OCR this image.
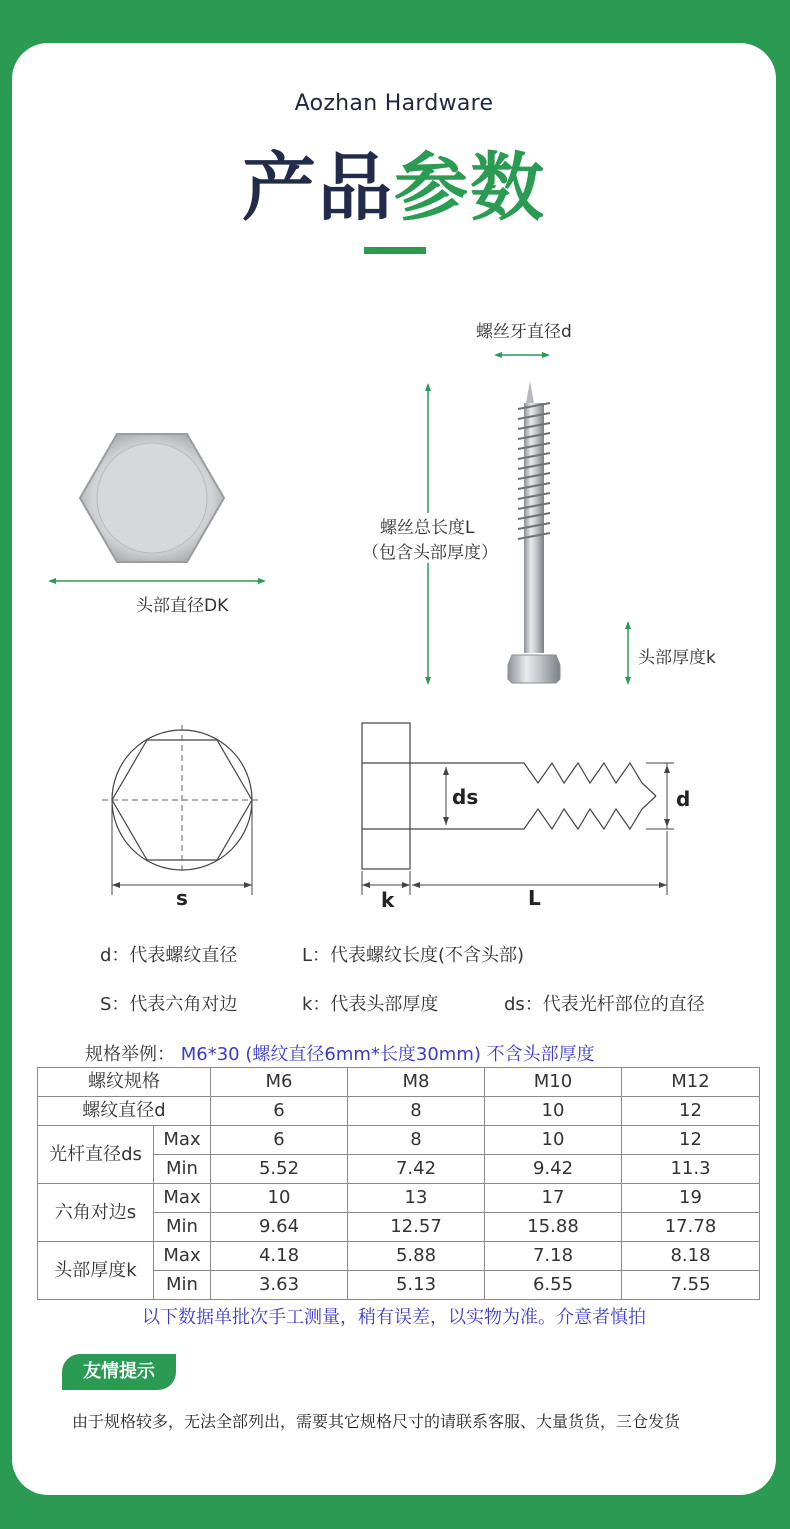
Aozhan Hardware
产品参数
螺丝牙直径d
头部直径DK
螺丝总长度L
（包含头部厚度）
头部厚度k
ds	d
s	k	L
d：代表螺纹直径	L：代表螺纹长度(不含头部)
S：代表六角对边	k：代表头部厚度	ds：代表光杆部位的直径
规格举例： M6*30 (螺纹直径6mm*长度30mm) 不含头部厚度
螺纹规格		M6	M8	M10	M12
螺纹直径d		6	8	10	12
光杆直径ds	Max	6	8	10	12
	Min	5.52	7.42	9.42	11.3
六角对边s	Max	10	13	17	19
	Min	9.64	12.57	15.88	17.78
头部厚度k	Max	4.18	5.88	7.18	8.18
	Min	3.63	5.13	6.55	7.55
以下数据单批次手工测量，稍有误差，以实物为准。介意者慎拍
友情提示
由于规格较多，无法全部列出，需要其它规格尺寸的请联系客服、大量货货，三仓发货
